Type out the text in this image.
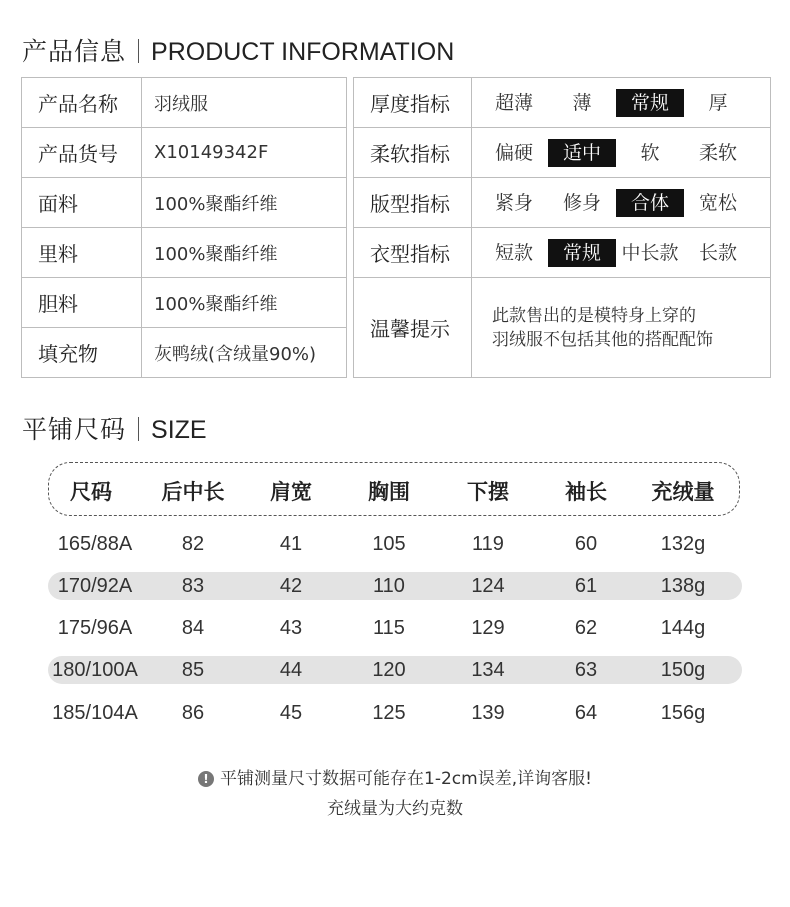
产品信息 PRODUCT INFORMATION
产品名称	羽绒服
产品货号	X10149342F
面料	100%聚酯纤维
里料	100%聚酯纤维
胆料	100%聚酯纤维
填充物	灰鸭绒(含绒量90%)
厚度指标	超薄 薄 常规 厚

柔软指标	偏硬 适中 软 柔软

版型指标	紧身 修身 合体 宽松

衣型指标	短款 常规 中长款 长款

温馨提示	此款售出的是模特身上穿的
羽绒服不包括其他的搭配配饰
平铺尺码 SIZE
尺码	后中长	肩宽	胸围	下摆	袖长	充绒量
165/88A	82	41	105	119	60	132g
170/92A	83	42	110	124	61	138g
175/96A	84	43	115	129	62	144g
180/100A	85	44	120	134	63	150g
185/104A	86	45	125	139	64	156g
! 平铺测量尺寸数据可能存在1-2cm误差,详询客服!
充绒量为大约克数
